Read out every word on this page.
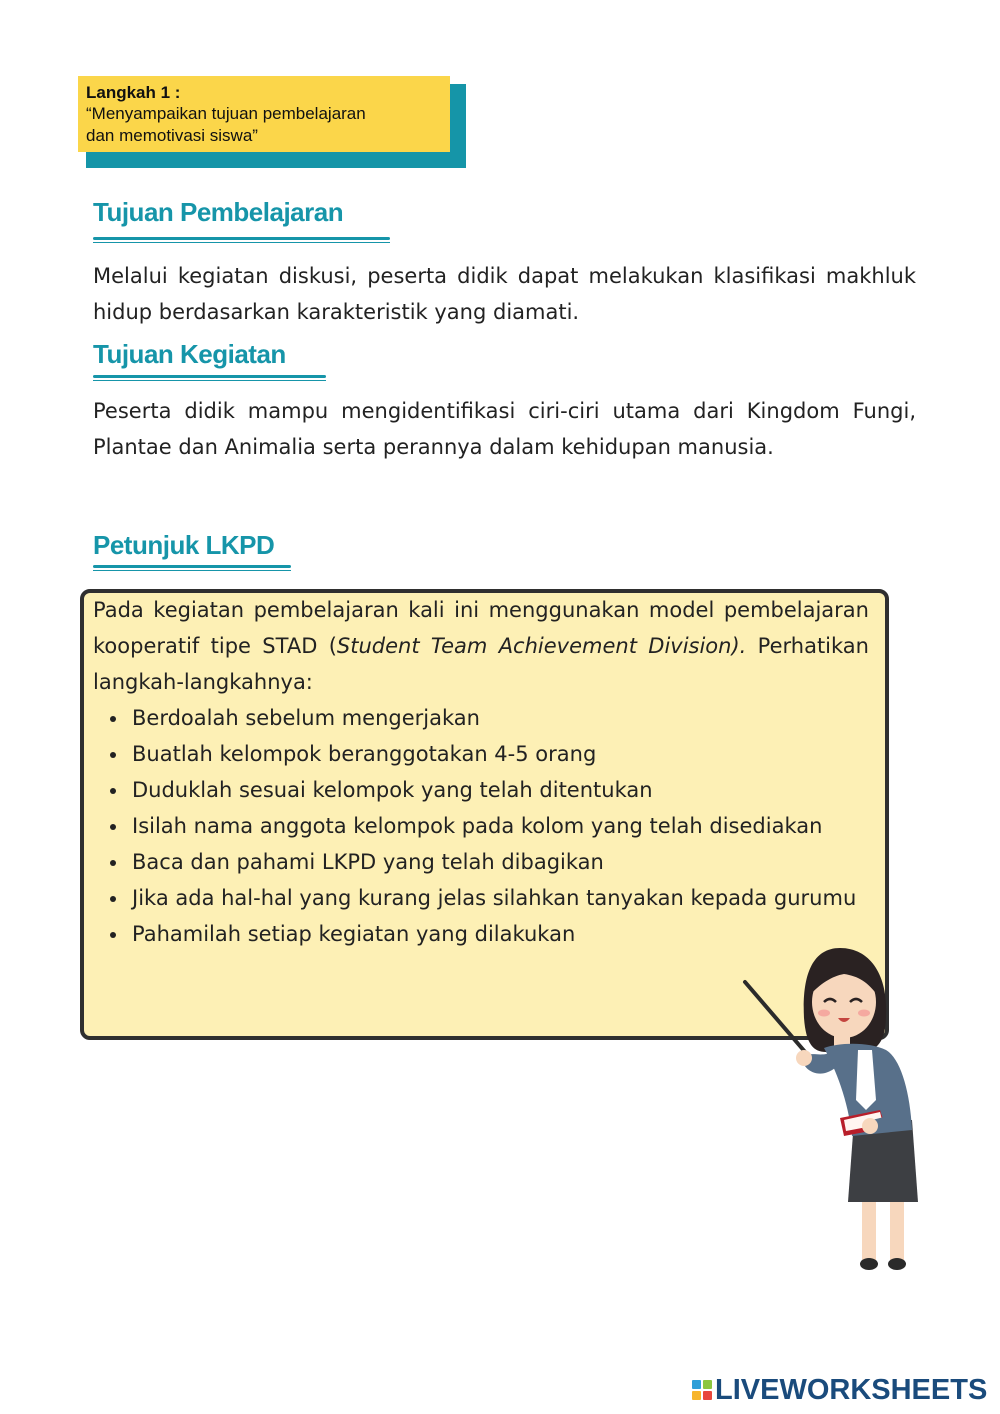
Langkah 1 :
“Menyampaikan tujuan pembelajaran
dan memotivasi siswa”
Tujuan Pembelajaran

Melalui kegiatan diskusi, peserta didik dapat melakukan klasifikasi makhluk hidup berdasarkan karakteristik yang diamati.

Tujuan Kegiatan

Peserta didik mampu mengidentifikasi ciri-ciri utama dari Kingdom Fungi, Plantae dan Animalia serta perannya dalam kehidupan manusia.

Petunjuk LKPD

Pada kegiatan pembelajaran kali ini menggunakan model pembelajaran kooperatif tipe STAD (Student Team Achievement Division). Perhatikan langkah-langkahnya:

Berdoalah sebelum mengerjakan
Buatlah kelompok beranggotakan 4-5 orang
Duduklah sesuai kelompok yang telah ditentukan
Isilah nama anggota kelompok pada kolom yang telah disediakan
Baca dan pahami LKPD yang telah dibagikan
Jika ada hal-hal yang kurang jelas silahkan tanyakan kepada gurumu
Pahamilah setiap kegiatan yang dilakukan
LIVEWORKSHEETS
